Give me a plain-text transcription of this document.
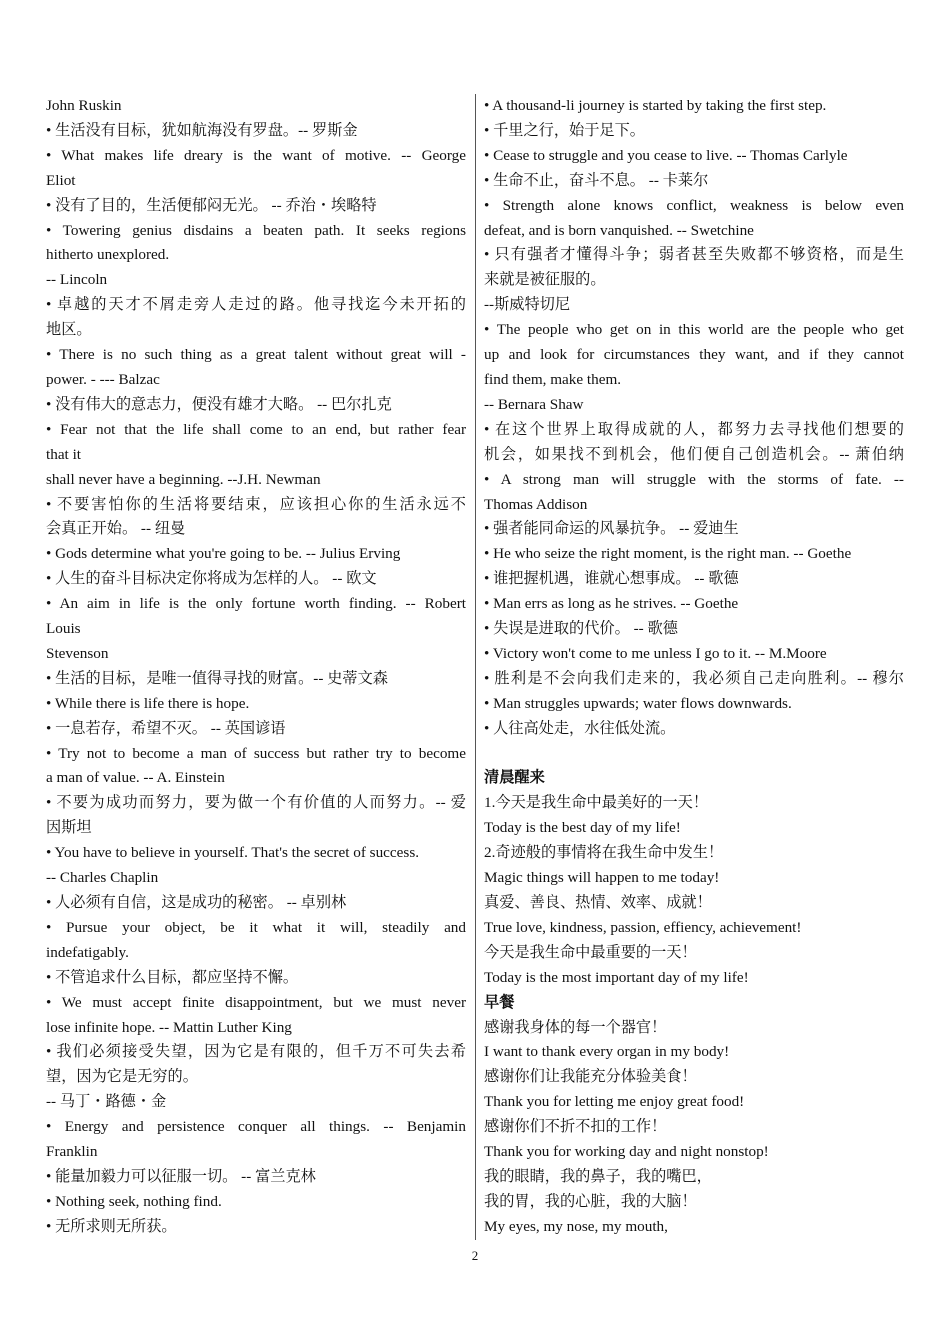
John Ruskin
• 生活没有目标，犹如航海没有罗盘。-- 罗斯金
• What makes life dreary is the want of motive. -- George
Eliot
• 没有了目的，生活便郁闷无光。 -- 乔治・埃略特
• Towering genius disdains a beaten path. It seeks regions
hitherto unexplored.
-- Lincoln
• 卓越的天才不屑走旁人走过的路。他寻找迄今未开拓的
地区。
• There is no such thing as a great talent without great will -
power. - --- Balzac
• 没有伟大的意志力，便没有雄才大略。 -- 巴尔扎克
• Fear not that the life shall come to an end, but rather fear
that it
shall never have a beginning. --J.H. Newman
• 不要害怕你的生活将要结束，应该担心你的生活永远不
会真正开始。 -- 纽曼
• Gods determine what you're going to be. -- Julius Erving
• 人生的奋斗目标决定你将成为怎样的人。 -- 欧文
• An aim in life is the only fortune worth finding. -- Robert
Louis
Stevenson
• 生活的目标，是唯一值得寻找的财富。-- 史蒂文森
• While there is life there is hope.
• 一息若存，希望不灭。 -- 英国谚语
• Try not to become a man of success but rather try to become
a man of value. -- A. Einstein
• 不要为成功而努力，要为做一个有价值的人而努力。-- 爱
因斯坦
• You have to believe in yourself. That's the secret of success.
-- Charles Chaplin
• 人必须有自信，这是成功的秘密。 -- 卓别林
• Pursue your object, be it what it will, steadily and
indefatigably.
• 不管追求什么目标，都应坚持不懈。
• We must accept finite disappointment, but we must never
lose infinite hope. -- Mattin Luther King
• 我们必须接受失望，因为它是有限的，但千万不可失去希
望，因为它是无穷的。
-- 马丁・路德・金
• Energy and persistence conquer all things. -- Benjamin
Franklin
• 能量加毅力可以征服一切。 -- 富兰克林
• Nothing seek, nothing find.
• 无所求则无所获。
• A thousand-li journey is started by taking the first step.
• 千里之行，始于足下。
• Cease to struggle and you cease to live. -- Thomas Carlyle
• 生命不止，奋斗不息。 -- 卡莱尔
• Strength alone knows conflict, weakness is below even
defeat, and is born vanquished. -- Swetchine
• 只有强者才懂得斗争；弱者甚至失败都不够资格，而是生
来就是被征服的。
--斯威特切尼
• The people who get on in this world are the people who get
up and look for circumstances they want, and if they cannot
find them, make them.
-- Bernara Shaw
• 在这个世界上取得成就的人，都努力去寻找他们想要的
机会，如果找不到机会，他们便自己创造机会。-- 萧伯纳
• A strong man will struggle with the storms of fate. --
Thomas Addison
• 强者能同命运的风暴抗争。 -- 爱迪生
• He who seize the right moment, is the right man. -- Goethe
• 谁把握机遇，谁就心想事成。 -- 歌德
• Man errs as long as he strives. -- Goethe
• 失误是进取的代价。 -- 歌德
• Victory won't come to me unless I go to it. -- M.Moore
• 胜利是不会向我们走来的，我必须自己走向胜利。-- 穆尔
• Man struggles upwards; water flows downwards.
• 人往高处走，水往低处流。
清晨醒来
1.今天是我生命中最美好的一天！
Today is the best day of my life!
2.奇迹般的事情将在我生命中发生！
Magic things will happen to me today!
真爱、善良、热情、效率、成就！
True love, kindness, passion, effiency, achievement!
今天是我生命中最重要的一天！
Today is the most important day of my life!
早餐
感谢我身体的每一个器官！
I want to thank every organ in my body!
感谢你们让我能充分体验美食！
Thank you for letting me enjoy great food!
感谢你们不折不扣的工作！
Thank you for working day and night nonstop!
我的眼睛，我的鼻子，我的嘴巴，
我的胃，我的心脏，我的大脑！
My eyes, my nose, my mouth,
2
